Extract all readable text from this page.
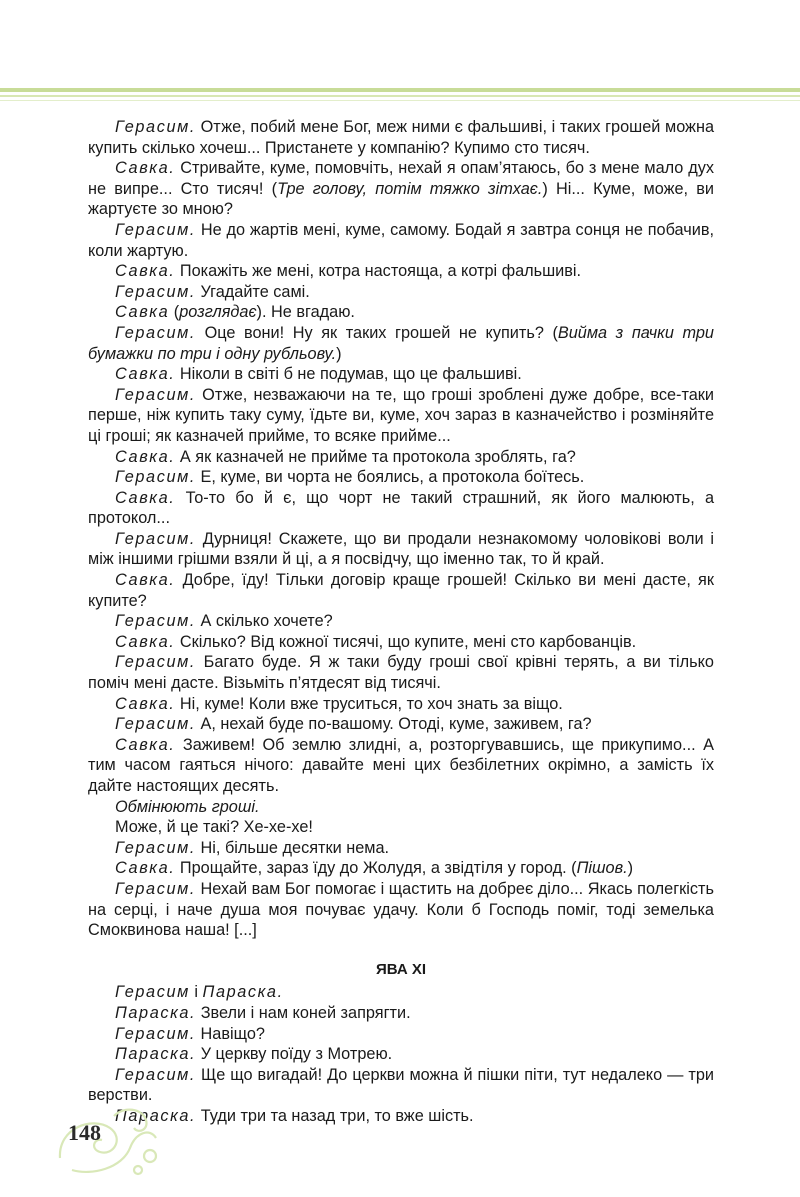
Герасим. Отже, побий мене Бог, меж ними є фальшиві, і таких грошей можна купить скілько хочеш... Пристанете у компанію? Купимо сто тисяч.

Савка. Стривайте, куме, помовчіть, нехай я опам’ятаюсь, бо з мене мало дух не випре... Сто тисяч! (Тре голову, потім тяжко зітхає.) Ні... Куме, може, ви жартуєте зо мною?

Герасим. Не до жартів мені, куме, самому. Бодай я завтра сонця не побачив, коли жартую.

Савка. Покажіть же мені, котра настояща, а котрі фальшиві.

Герасим. Угадайте самі.

Савка (розглядає). Не вгадаю.

Герасим. Оце вони! Ну як таких грошей не купить? (Вийма з пачки три бумажки по три і одну рубльову.)

Савка. Ніколи в світі б не подумав, що це фальшиві.

Герасим. Отже, незважаючи на те, що гроші зроблені дуже добре, все-таки перше, ніж купить таку суму, їдьте ви, куме, хоч зараз в казначейство і розміняйте ці гроші; як казначей прийме, то всяке прийме...

Савка. А як казначей не прийме та протокола зроблять, га?

Герасим. Е, куме, ви чорта не боялись, а протокола боїтесь.

Савка. То-то бо й є, що чорт не такий страшний, як його малюють, а протокол...

Герасим. Дурниця! Скажете, що ви продали незнакомому чоловікові воли і між іншими грішми взяли й ці, а я посвідчу, що іменно так, то й край.

Савка. Добре, їду! Тільки договір краще грошей! Скілько ви мені дасте, як купите?

Герасим. А скілько хочете?

Савка. Скілько? Від кожної тисячі, що купите, мені сто карбованців.

Герасим. Багато буде. Я ж таки буду гроші свої крівні терять, а ви тілько поміч мені дасте. Візьміть п’ятдесят від тисячі.

Савка. Ні, куме! Коли вже труситься, то хоч знать за віщо.

Герасим. А, нехай буде по-вашому. Отоді, куме, заживем, га?

Савка. Заживем! Об землю злидні, а, розторгувавшись, ще прикупимо... А тим часом гаяться нічого: давайте мені цих безбілетних окрімно, а замість їх дайте настоящих десять.

Обмінюють гроші.

Може, й це такі? Хе-хе-хе!

Герасим. Ні, більше десятки нема.

Савка. Прощайте, зараз їду до Жолудя, а звідтіля у город. (Пішов.)

Герасим. Нехай вам Бог помогає і щастить на добреє діло... Якась полегкість на серці, і наче душа моя почуває удачу. Коли б Господь поміг, тоді земелька Смоквинова наша! [...]

ЯВА ХІ

Герасим і Параска.

Параска. Звели і нам коней запрягти.

Герасим. Навіщо?

Параска. У церкву поїду з Мотрею.

Герасим. Ще що вигадай! До церкви можна й пішки піти, тут недалеко — три верстви.

Параска. Туди три та назад три, то вже шість.

148
